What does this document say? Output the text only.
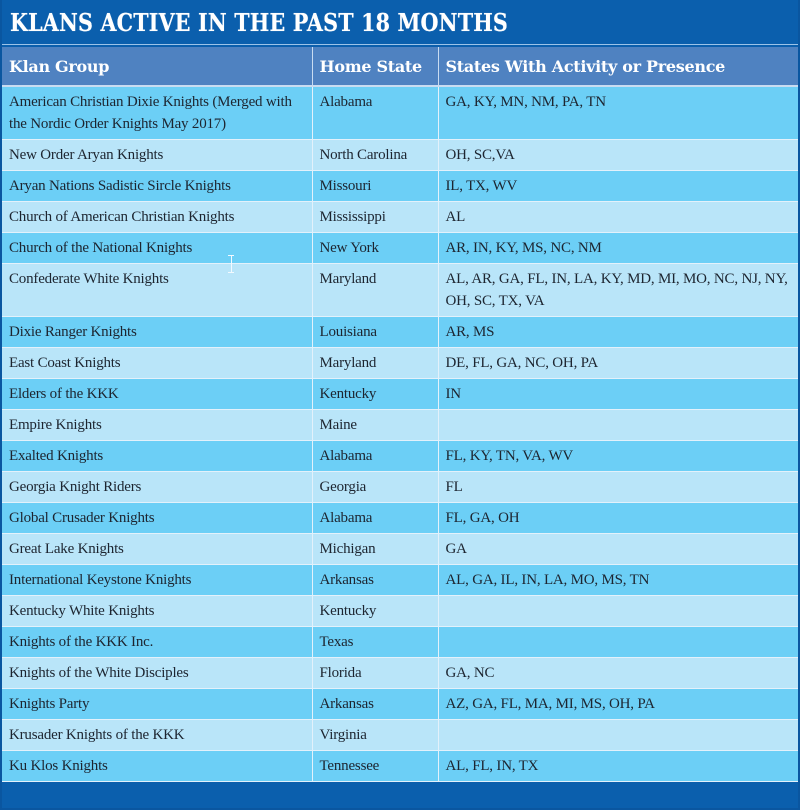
KLANS ACTIVE IN THE PAST 18 MONTHS
Klan Group	Home State	States With Activity or Presence
American Christian Dixie Knights (Merged with the Nordic Order Knights May 2017)	Alabama	GA, KY, MN, NM, PA, TN
New Order Aryan Knights	North Carolina	OH, SC,VA
Aryan Nations Sadistic Sircle Knights	Missouri	IL, TX, WV
Church of American Christian Knights	Mississippi	AL
Church of the National Knights	New York	AR, IN, KY, MS, NC, NM
Confederate White Knights	Maryland	AL, AR, GA, FL, IN, LA, KY, MD, MI, MO, NC, NJ, NY, OH, SC, TX, VA
Dixie Ranger Knights	Louisiana	AR, MS
East Coast Knights	Maryland	DE, FL, GA, NC, OH, PA
Elders of the KKK	Kentucky	IN
Empire Knights	Maine	
Exalted Knights	Alabama	FL, KY, TN, VA, WV
Georgia Knight Riders	Georgia	FL
Global Crusader Knights	Alabama	FL, GA, OH
Great Lake Knights	Michigan	GA
International Keystone Knights	Arkansas	AL, GA, IL, IN, LA, MO, MS, TN
Kentucky White Knights	Kentucky	
Knights of the KKK Inc.	Texas	
Knights of the White Disciples	Florida	GA, NC
Knights Party	Arkansas	AZ, GA, FL, MA, MI, MS, OH, PA
Krusader Knights of the KKK	Virginia	
Ku Klos Knights	Tennessee	AL, FL, IN, TX
